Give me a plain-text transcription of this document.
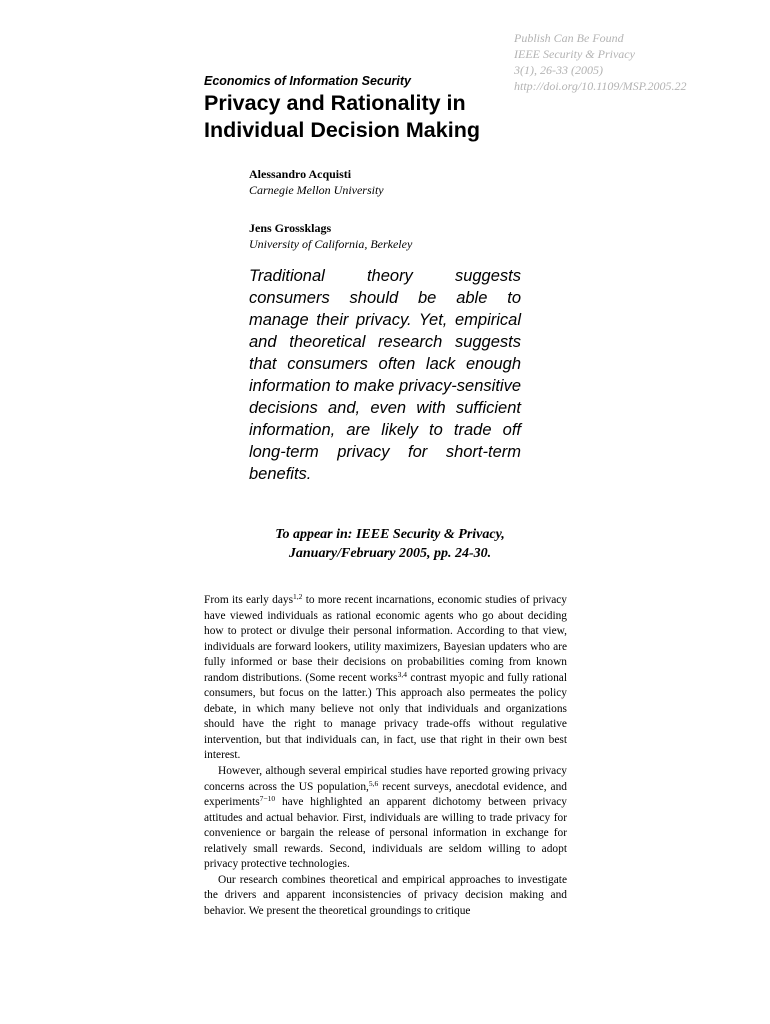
Publish Can Be Found
IEEE Security & Privacy
3(1), 26-33 (2005)
http://doi.org/10.1109/MSP.2005.22
Economics of Information Security
Privacy and Rationality in Individual Decision Making
Alessandro Acquisti
Carnegie Mellon University
Jens Grossklags
University of California, Berkeley
Traditional theory suggests consumers should be able to manage their privacy. Yet, empirical and theoretical research suggests that consumers often lack enough information to make privacy-sensitive decisions and, even with sufficient information, are likely to trade off long-term privacy for short-term benefits.
To appear in: IEEE Security & Privacy,
January/February 2005, pp. 24-30.

From its early days$^{1,2}$ to more recent incarnations, economic studies of privacy have viewed individuals as rational economic agents who go about deciding how to protect or divulge their personal information. According to that view, individuals are forward lookers, utility maximizers, Bayesian updaters who are fully informed or base their decisions on probabilities coming from known random distributions. (Some recent works$^{3,4}$ contrast myopic and fully rational consumers, but focus on the latter.) This approach also permeates the policy debate, in which many believe not only that individuals and organizations should have the right to manage privacy trade-offs without regulative intervention, but that individuals can, in fact, use that right in their own best interest.

However, although several empirical studies have reported growing privacy concerns across the US population,$^{5,6}$ recent surveys, anecdotal evidence, and experiments$^{7-10}$ have highlighted an apparent dichotomy between privacy attitudes and actual behavior. First, individuals are willing to trade privacy for convenience or bargain the release of personal information in exchange for relatively small rewards. Second, individuals are seldom willing to adopt privacy protective technologies.

Our research combines theoretical and empirical approaches to investigate the drivers and apparent inconsistencies of privacy decision making and behavior. We present the theoretical groundings to critique
